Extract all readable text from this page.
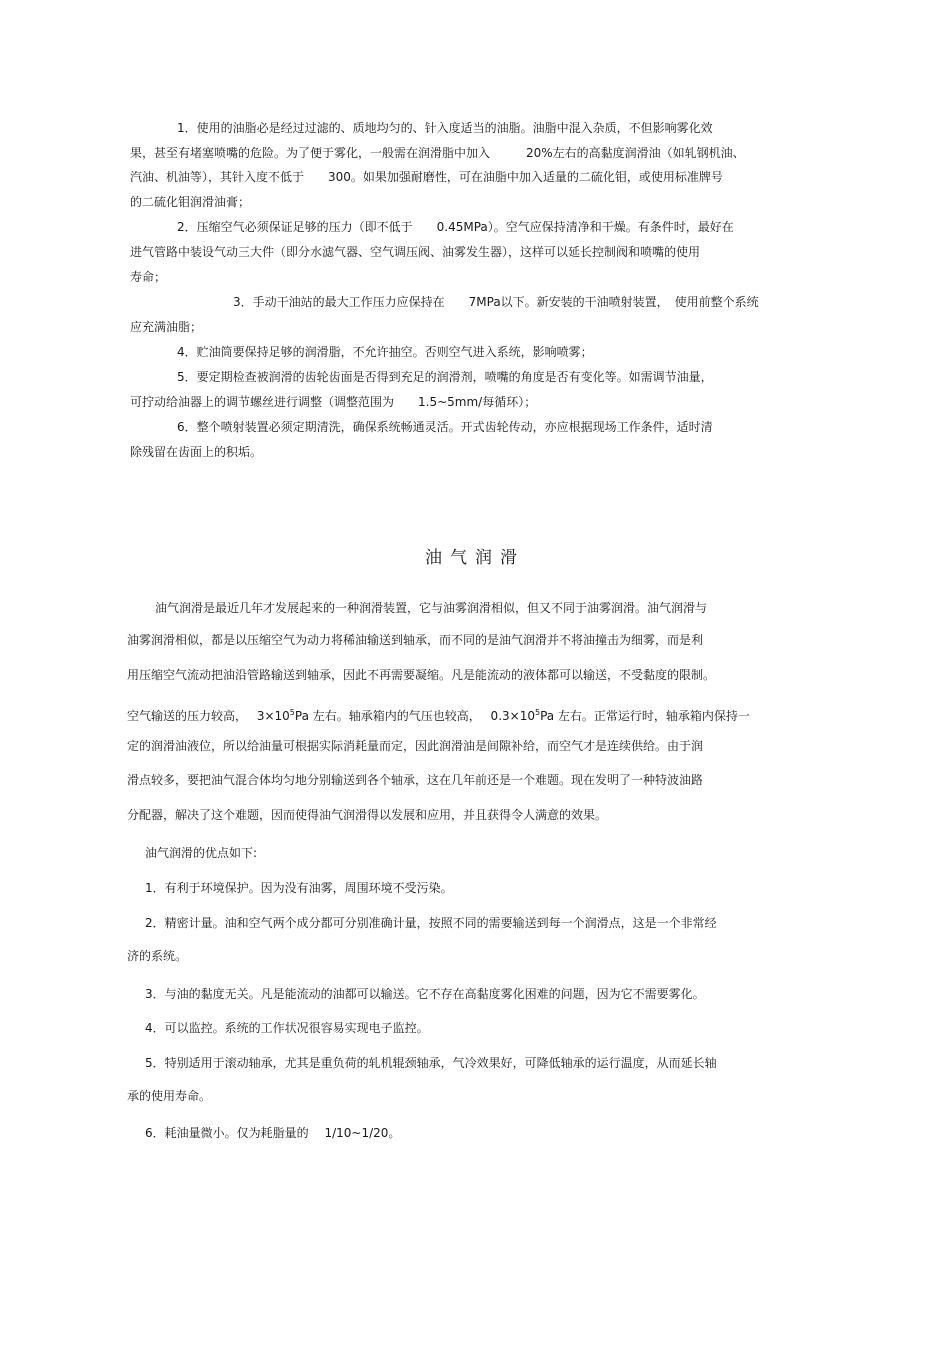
1．使用的油脂必是经过过滤的、质地均匀的、针入度适当的油脂。油脂中混入杂质，不但影响雾化效
果，甚至有堵塞喷嘴的危险。为了便于雾化，一般需在润滑脂中加入　　　20%左右的高黏度润滑油（如轧钢机油、
汽油、机油等），其针入度不低于　　300。如果加强耐磨性，可在油脂中加入适量的二硫化钼，或使用标准牌号
的二硫化钼润滑油膏；
2．压缩空气必须保证足够的压力（即不低于　　0.45MPa）。空气应保持清净和干燥。有条件时，最好在
进气管路中装设气动三大件（即分水滤气器、空气调压阀、油雾发生器），这样可以延长控制阀和喷嘴的使用
寿命；
3．手动干油站的最大工作压力应保持在　　7MPa以下。新安装的干油喷射装置，　使用前整个系统
应充满油脂；
4．贮油筒要保持足够的润滑脂，不允许抽空。否则空气进入系统，影响喷雾；
5．要定期检查被润滑的齿轮齿面是否得到充足的润滑剂，喷嘴的角度是否有变化等。如需调节油量，
可拧动给油器上的调节螺丝进行调整（调整范围为　　1.5~5mm/每循环）；
6．整个喷射装置必须定期清洗，确保系统畅通灵活。开式齿轮传动，亦应根据现场工作条件，适时清
除残留在齿面上的积垢。
油气润滑
油气润滑是最近几年才发展起来的一种润滑装置，它与油雾润滑相似，但又不同于油雾润滑。油气润滑与
油雾润滑相似，都是以压缩空气为动力将稀油输送到轴承，而不同的是油气润滑并不将油撞击为细雾，而是利
用压缩空气流动把油沿管路输送到轴承，因此不再需要凝缩。凡是能流动的液体都可以输送，不受黏度的限制。
空气输送的压力较高，　 $3\times 10^5Pa$ 左右。轴承箱内的气压也较高，　 $0.3\times 10^5Pa$ 左右。正常运行时，轴承箱内保持一
定的润滑油液位，所以给油量可根据实际消耗量而定，因此润滑油是间隙补给，而空气才是连续供给。由于润
滑点较多，要把油气混合体均匀地分别输送到各个轴承，这在几年前还是一个难题。现在发明了一种特波油路
分配器，解决了这个难题，因而使得油气润滑得以发展和应用，并且获得令人满意的效果。
油气润滑的优点如下:
1．有利于环境保护。因为没有油雾，周围环境不受污染。
2．精密计量。油和空气两个成分都可分别准确计量，按照不同的需要输送到每一个润滑点，这是一个非常经
济的系统。
3．与油的黏度无关。凡是能流动的油都可以输送。它不存在高黏度雾化困难的问题，因为它不需要雾化。
4．可以监控。系统的工作状况很容易实现电子监控。
5．特别适用于滚动轴承，尤其是重负荷的轧机辊颈轴承，气冷效果好，可降低轴承的运行温度，从而延长轴
承的使用寿命。
6．耗油量微小。仅为耗脂量的　 1/10~1/20。
